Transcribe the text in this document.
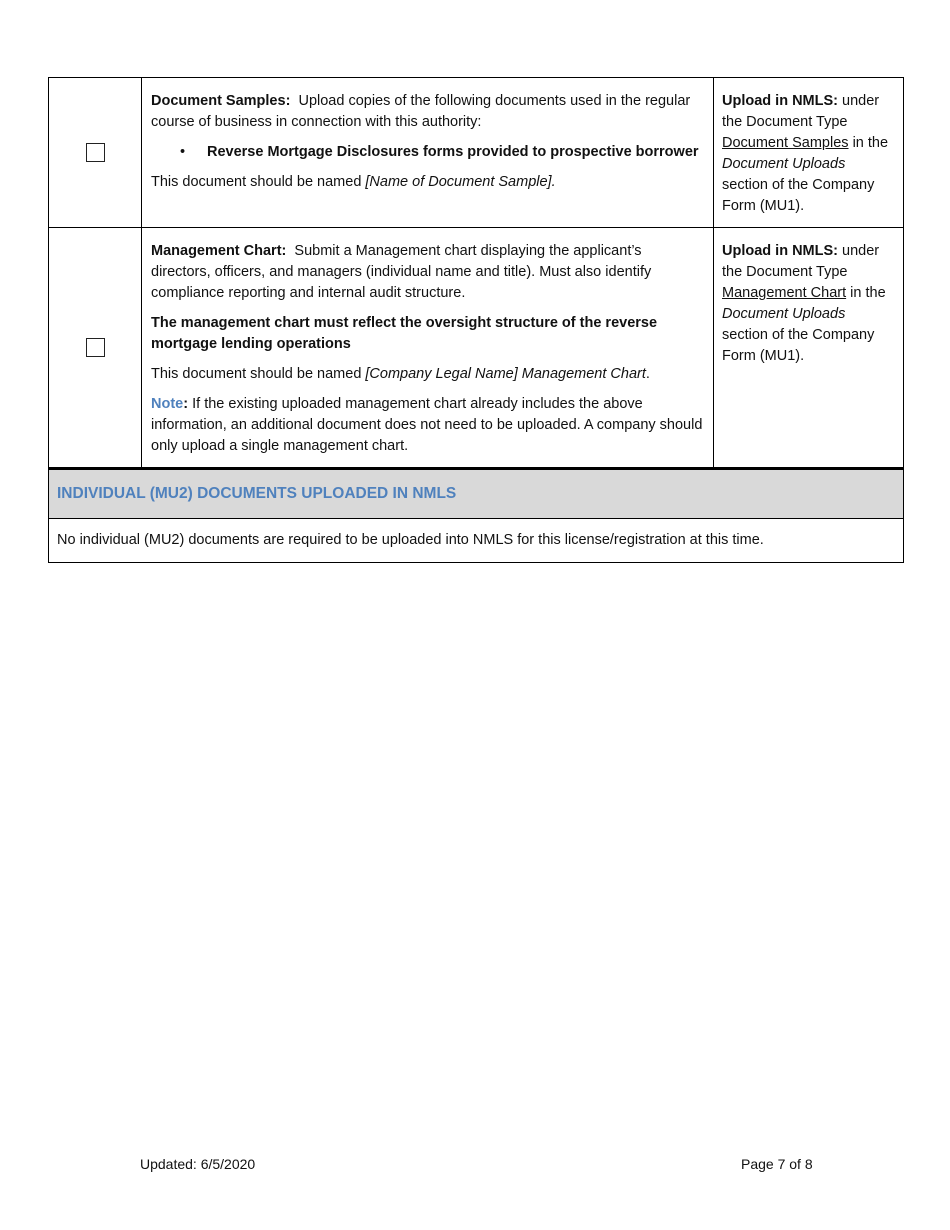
Document Samples: Upload copies of the following documents used in the regular course of business in connection with this authority:

• Reverse Mortgage Disclosures forms provided to prospective borrower

This document should be named [Name of Document Sample].

Upload in NMLS: under the Document Type Document Samples in the Document Uploads section of the Company Form (MU1).

Management Chart: Submit a Management chart displaying the applicant’s directors, officers, and managers (individual name and title). Must also identify compliance reporting and internal audit structure.

The management chart must reflect the oversight structure of the reverse mortgage lending operations

This document should be named [Company Legal Name] Management Chart.

Note: If the existing uploaded management chart already includes the above information, an additional document does not need to be uploaded. A company should only upload a single management chart.

Upload in NMLS: under the Document Type Management Chart in the Document Uploads section of the Company Form (MU1).
INDIVIDUAL (MU2) DOCUMENTS UPLOADED IN NMLS
No individual (MU2) documents are required to be uploaded into NMLS for this license/registration at this time.
Updated: 6/5/2020	Page 7 of 8
